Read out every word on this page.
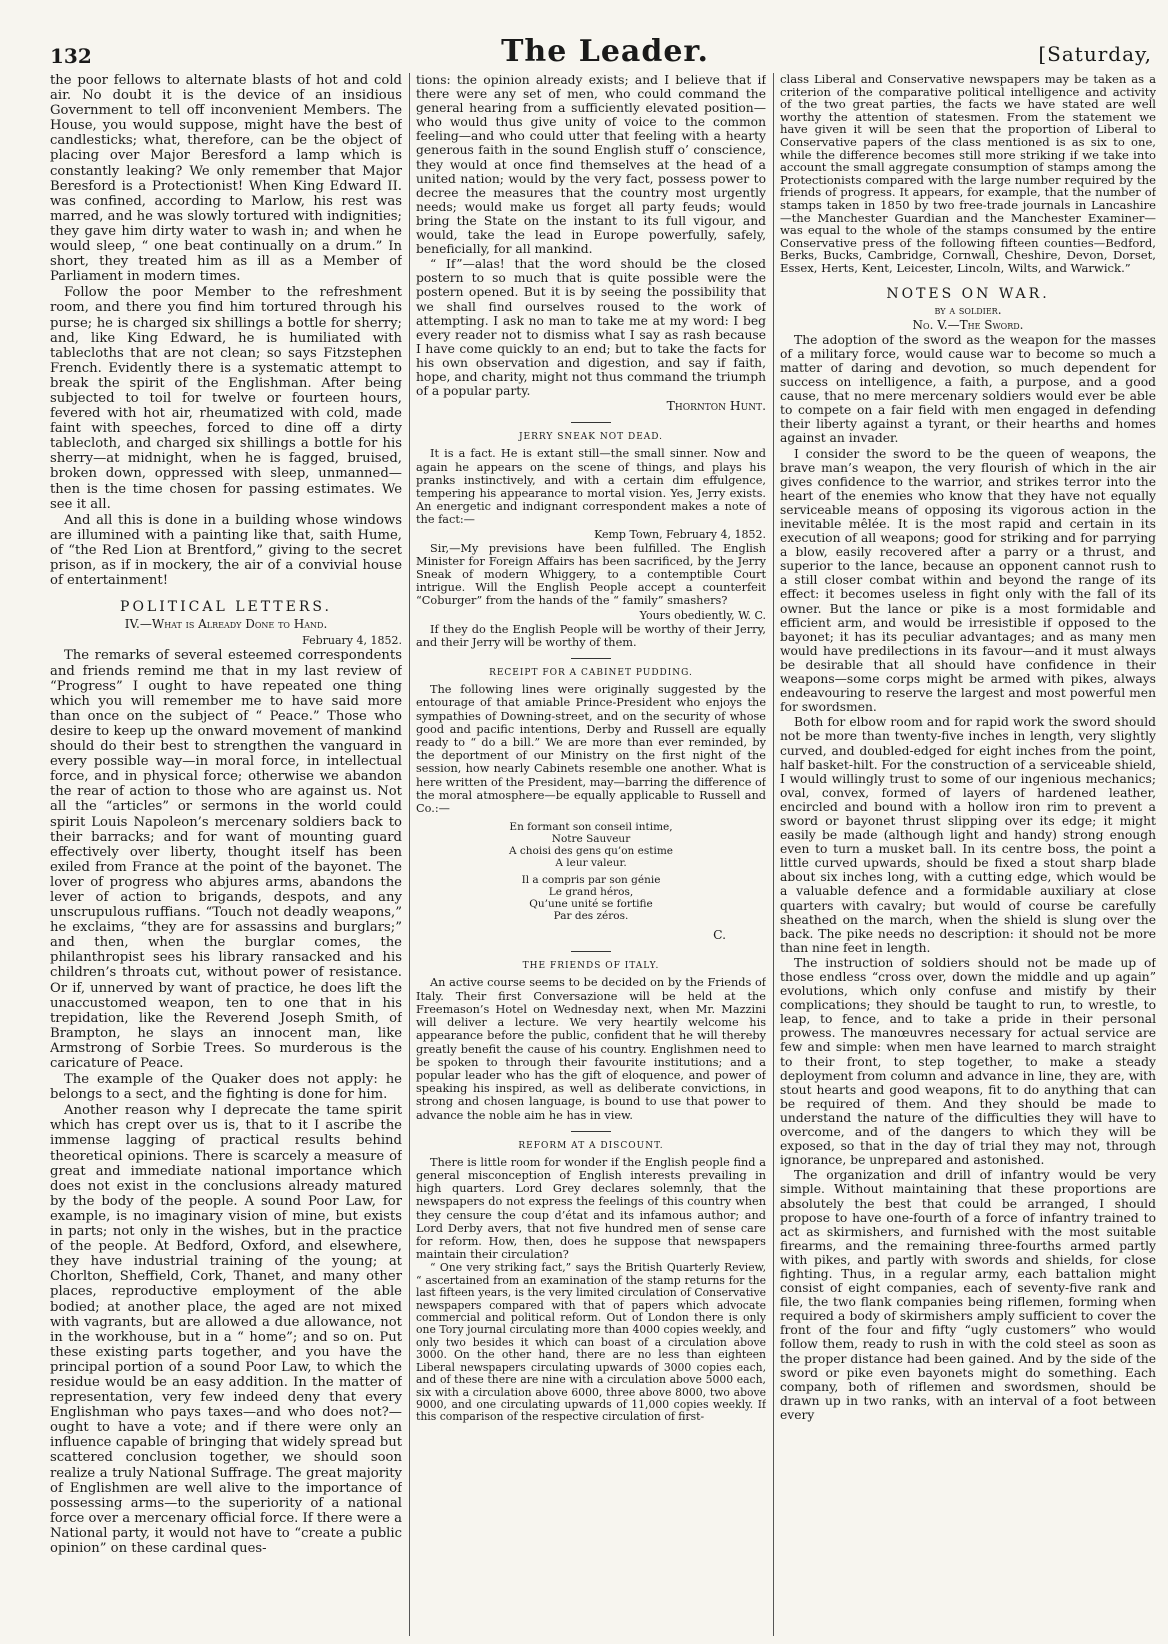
132	The Leader.	[Saturday,

the poor fellows to alternate blasts of hot and cold air. No doubt it is the device of an insidious Government to tell off inconvenient Members. The House, you would suppose, might have the best of candlesticks; what, therefore, can be the object of placing over Major Beresford a lamp which is constantly leaking? We only remember that Major Beresford is a Protectionist! When King Edward II. was confined, according to Marlow, his rest was marred, and he was slowly tortured with indignities; they gave him dirty water to wash in; and when he would sleep, “ one beat continually on a drum.” In short, they treated him as ill as a Member of Parliament in modern times.

Follow the poor Member to the refreshment room, and there you find him tortured through his purse; he is charged six shillings a bottle for sherry; and, like King Edward, he is humiliated with tablecloths that are not clean; so says Fitzstephen French. Evidently there is a systematic attempt to break the spirit of the Englishman. After being subjected to toil for twelve or fourteen hours, fevered with hot air, rheumatized with cold, made faint with speeches, forced to dine off a dirty tablecloth, and charged six shillings a bottle for his sherry—at midnight, when he is fagged, bruised, broken down, oppressed with sleep, unmanned—then is the time chosen for passing estimates. We see it all.

And all this is done in a building whose windows are illumined with a painting like that, saith Hume, of “the Red Lion at Brentford,” giving to the secret prison, as if in mockery, the air of a convivial house of entertainment!

POLITICAL LETTERS.
IV.—What is Already Done to Hand.
February 4, 1852.

The remarks of several esteemed correspondents and friends remind me that in my last review of “Progress” I ought to have repeated one thing which you will remember me to have said more than once on the subject of “ Peace.” Those who desire to keep up the onward movement of mankind should do their best to strengthen the vanguard in every possible way—in moral force, in intellectual force, and in physical force; otherwise we abandon the rear of action to those who are against us. Not all the “articles” or sermons in the world could spirit Louis Napoleon’s mercenary soldiers back to their barracks; and for want of mounting guard effectively over liberty, thought itself has been exiled from France at the point of the bayonet. The lover of progress who abjures arms, abandons the lever of action to brigands, despots, and any unscrupulous ruffians. “Touch not deadly weapons,” he exclaims, “they are for assassins and burglars;” and then, when the burglar comes, the philanthropist sees his library ransacked and his children’s throats cut, without power of resistance. Or if, unnerved by want of practice, he does lift the unaccustomed weapon, ten to one that in his trepidation, like the Reverend Joseph Smith, of Brampton, he slays an innocent man, like Armstrong of Sorbie Trees. So murderous is the caricature of Peace.

The example of the Quaker does not apply: he belongs to a sect, and the fighting is done for him.

Another reason why I deprecate the tame spirit which has crept over us is, that to it I ascribe the immense lagging of practical results behind theoretical opinions. There is scarcely a measure of great and immediate national importance which does not exist in the conclusions already matured by the body of the people. A sound Poor Law, for example, is no imaginary vision of mine, but exists in parts; not only in the wishes, but in the practice of the people. At Bedford, Oxford, and elsewhere, they have industrial training of the young; at Chorlton, Sheffield, Cork, Thanet, and many other places, reproductive employment of the able bodied; at another place, the aged are not mixed with vagrants, but are allowed a due allowance, not in the workhouse, but in a “ home”; and so on. Put these existing parts together, and you have the principal portion of a sound Poor Law, to which the residue would be an easy addition. In the matter of representation, very few indeed deny that every Englishman who pays taxes—and who does not?—ought to have a vote; and if there were only an influence capable of bringing that widely spread but scattered conclusion together, we should soon realize a truly National Suffrage. The great majority of Englishmen are well alive to the importance of possessing arms—to the superiority of a national force over a mercenary official force. If there were a National party, it would not have to “create a public opinion” on these cardinal ques-

tions: the opinion already exists; and I believe that if there were any set of men, who could command the general hearing from a sufficiently elevated position—who would thus give unity of voice to the common feeling—and who could utter that feeling with a hearty generous faith in the sound English stuff o’ conscience, they would at once find themselves at the head of a united nation; would by the very fact, possess power to decree the measures that the country most urgently needs; would make us forget all party feuds; would bring the State on the instant to its full vigour, and would, take the lead in Europe powerfully, safely, beneficially, for all mankind.

“ If”—alas! that the word should be the closed postern to so much that is quite possible were the postern opened. But it is by seeing the possibility that we shall find ourselves roused to the work of attempting. I ask no man to take me at my word: I beg every reader not to dismiss what I say as rash because I have come quickly to an end; but to take the facts for his own observation and digestion, and say if faith, hope, and charity, might not thus command the triumph of a popular party.

Thornton Hunt.
JERRY SNEAK NOT DEAD.

It is a fact. He is extant still—the small sinner. Now and again he appears on the scene of things, and plays his pranks instinctively, and with a certain dim effulgence, tempering his appearance to mortal vision. Yes, Jerry exists. An energetic and indignant correspondent makes a note of the fact:—

Kemp Town, February 4, 1852.

Sir,—My previsions have been fulfilled. The English Minister for Foreign Affairs has been sacrificed, by the Jerry Sneak of modern Whiggery, to a contemptible Court intrigue. Will the English People accept a counterfeit “Coburger” from the hands of the “ family” smashers?

Yours obediently, W. C.

If they do the English People will be worthy of their Jerry, and their Jerry will be worthy of them.

RECEIPT FOR A CABINET PUDDING.

The following lines were originally suggested by the entourage of that amiable Prince-President who enjoys the sympathies of Downing-street, and on the security of whose good and pacific intentions, Derby and Russell are equally ready to “ do a bill.” We are more than ever reminded, by the deportment of our Ministry on the first night of the session, how nearly Cabinets resemble one another. What is here written of the President, may—barring the difference of the moral atmosphere—be equally applicable to Russell and Co.:—

En formant son conseil intime,
Notre Sauveur
A choisi des gens qu’on estime
A leur valeur.
Il a compris par son génie
Le grand héros,
Qu’une unité se fortifie
Par des zéros.
C.
THE FRIENDS OF ITALY.

An active course seems to be decided on by the Friends of Italy. Their first Conversazione will be held at the Freemason’s Hotel on Wednesday next, when Mr. Mazzini will deliver a lecture. We very heartily welcome his appearance before the public, confident that he will thereby greatly benefit the cause of his country. Englishmen need to be spoken to through their favourite institutions; and a popular leader who has the gift of eloquence, and power of speaking his inspired, as well as deliberate convictions, in strong and chosen language, is bound to use that power to advance the noble aim he has in view.

REFORM AT A DISCOUNT.

There is little room for wonder if the English people find a general misconception of English interests prevailing in high quarters. Lord Grey declares solemnly, that the newspapers do not express the feelings of this country when they censure the coup d’état and its infamous author; and Lord Derby avers, that not five hundred men of sense care for reform. How, then, does he suppose that newspapers maintain their circulation?

“ One very striking fact,” says the British Quarterly Review, “ ascertained from an examination of the stamp returns for the last fifteen years, is the very limited circulation of Conservative newspapers compared with that of papers which advocate commercial and political reform. Out of London there is only one Tory journal circulating more than 4000 copies weekly, and only two besides it which can boast of a circulation above 3000. On the other hand, there are no less than eighteen Liberal newspapers circulating upwards of 3000 copies each, and of these there are nine with a circulation above 5000 each, six with a circulation above 6000, three above 8000, two above 9000, and one circulating upwards of 11,000 copies weekly. If this comparison of the respective circulation of first-

class Liberal and Conservative newspapers may be taken as a criterion of the comparative political intelligence and activity of the two great parties, the facts we have stated are well worthy the attention of statesmen. From the statement we have given it will be seen that the proportion of Liberal to Conservative papers of the class mentioned is as six to one, while the difference becomes still more striking if we take into account the small aggregate consumption of stamps among the Protectionists compared with the large number required by the friends of progress. It appears, for example, that the number of stamps taken in 1850 by two free-trade journals in Lancashire—the Manchester Guardian and the Manchester Examiner—was equal to the whole of the stamps consumed by the entire Conservative press of the following fifteen counties—Bedford, Berks, Bucks, Cambridge, Cornwall, Cheshire, Devon, Dorset, Essex, Herts, Kent, Leicester, Lincoln, Wilts, and Warwick.”

NOTES ON WAR.
by a soldier.
No. V.—The Sword.

The adoption of the sword as the weapon for the masses of a military force, would cause war to become so much a matter of daring and devotion, so much dependent for success on intelligence, a faith, a purpose, and a good cause, that no mere mercenary soldiers would ever be able to compete on a fair field with men engaged in defending their liberty against a tyrant, or their hearths and homes against an invader.

I consider the sword to be the queen of weapons, the brave man’s weapon, the very flourish of which in the air gives confidence to the warrior, and strikes terror into the heart of the enemies who know that they have not equally serviceable means of opposing its vigorous action in the inevitable mêlée. It is the most rapid and certain in its execution of all weapons; good for striking and for parrying a blow, easily recovered after a parry or a thrust, and superior to the lance, because an opponent cannot rush to a still closer combat within and beyond the range of its effect: it becomes useless in fight only with the fall of its owner. But the lance or pike is a most formidable and efficient arm, and would be irresistible if opposed to the bayonet; it has its peculiar advantages; and as many men would have predilections in its favour—and it must always be desirable that all should have confidence in their weapons—some corps might be armed with pikes, always endeavouring to reserve the largest and most powerful men for swordsmen.

Both for elbow room and for rapid work the sword should not be more than twenty-five inches in length, very slightly curved, and doubled-edged for eight inches from the point, half basket-hilt. For the construction of a serviceable shield, I would willingly trust to some of our ingenious mechanics; oval, convex, formed of layers of hardened leather, encircled and bound with a hollow iron rim to prevent a sword or bayonet thrust slipping over its edge; it might easily be made (although light and handy) strong enough even to turn a musket ball. In its centre boss, the point a little curved upwards, should be fixed a stout sharp blade about six inches long, with a cutting edge, which would be a valuable defence and a formidable auxiliary at close quarters with cavalry; but would of course be carefully sheathed on the march, when the shield is slung over the back. The pike needs no description: it should not be more than nine feet in length.

The instruction of soldiers should not be made up of those endless “cross over, down the middle and up again” evolutions, which only confuse and mistify by their complications; they should be taught to run, to wrestle, to leap, to fence, and to take a pride in their personal prowess. The manœuvres necessary for actual service are few and simple: when men have learned to march straight to their front, to step together, to make a steady deployment from column and advance in line, they are, with stout hearts and good weapons, fit to do anything that can be required of them. And they should be made to understand the nature of the difficulties they will have to overcome, and of the dangers to which they will be exposed, so that in the day of trial they may not, through ignorance, be unprepared and astonished.

The organization and drill of infantry would be very simple. Without maintaining that these proportions are absolutely the best that could be arranged, I should propose to have one-fourth of a force of infantry trained to act as skirmishers, and furnished with the most suitable firearms, and the remaining three-fourths armed partly with pikes, and partly with swords and shields, for close fighting. Thus, in a regular army, each battalion might consist of eight companies, each of seventy-five rank and file, the two flank companies being riflemen, forming when required a body of skirmishers amply sufficient to cover the front of the four and fifty “ugly customers” who would follow them, ready to rush in with the cold steel as soon as the proper distance had been gained. And by the side of the sword or pike even bayonets might do something. Each company, both of riflemen and swordsmen, should be drawn up in two ranks, with an interval of a foot between every
